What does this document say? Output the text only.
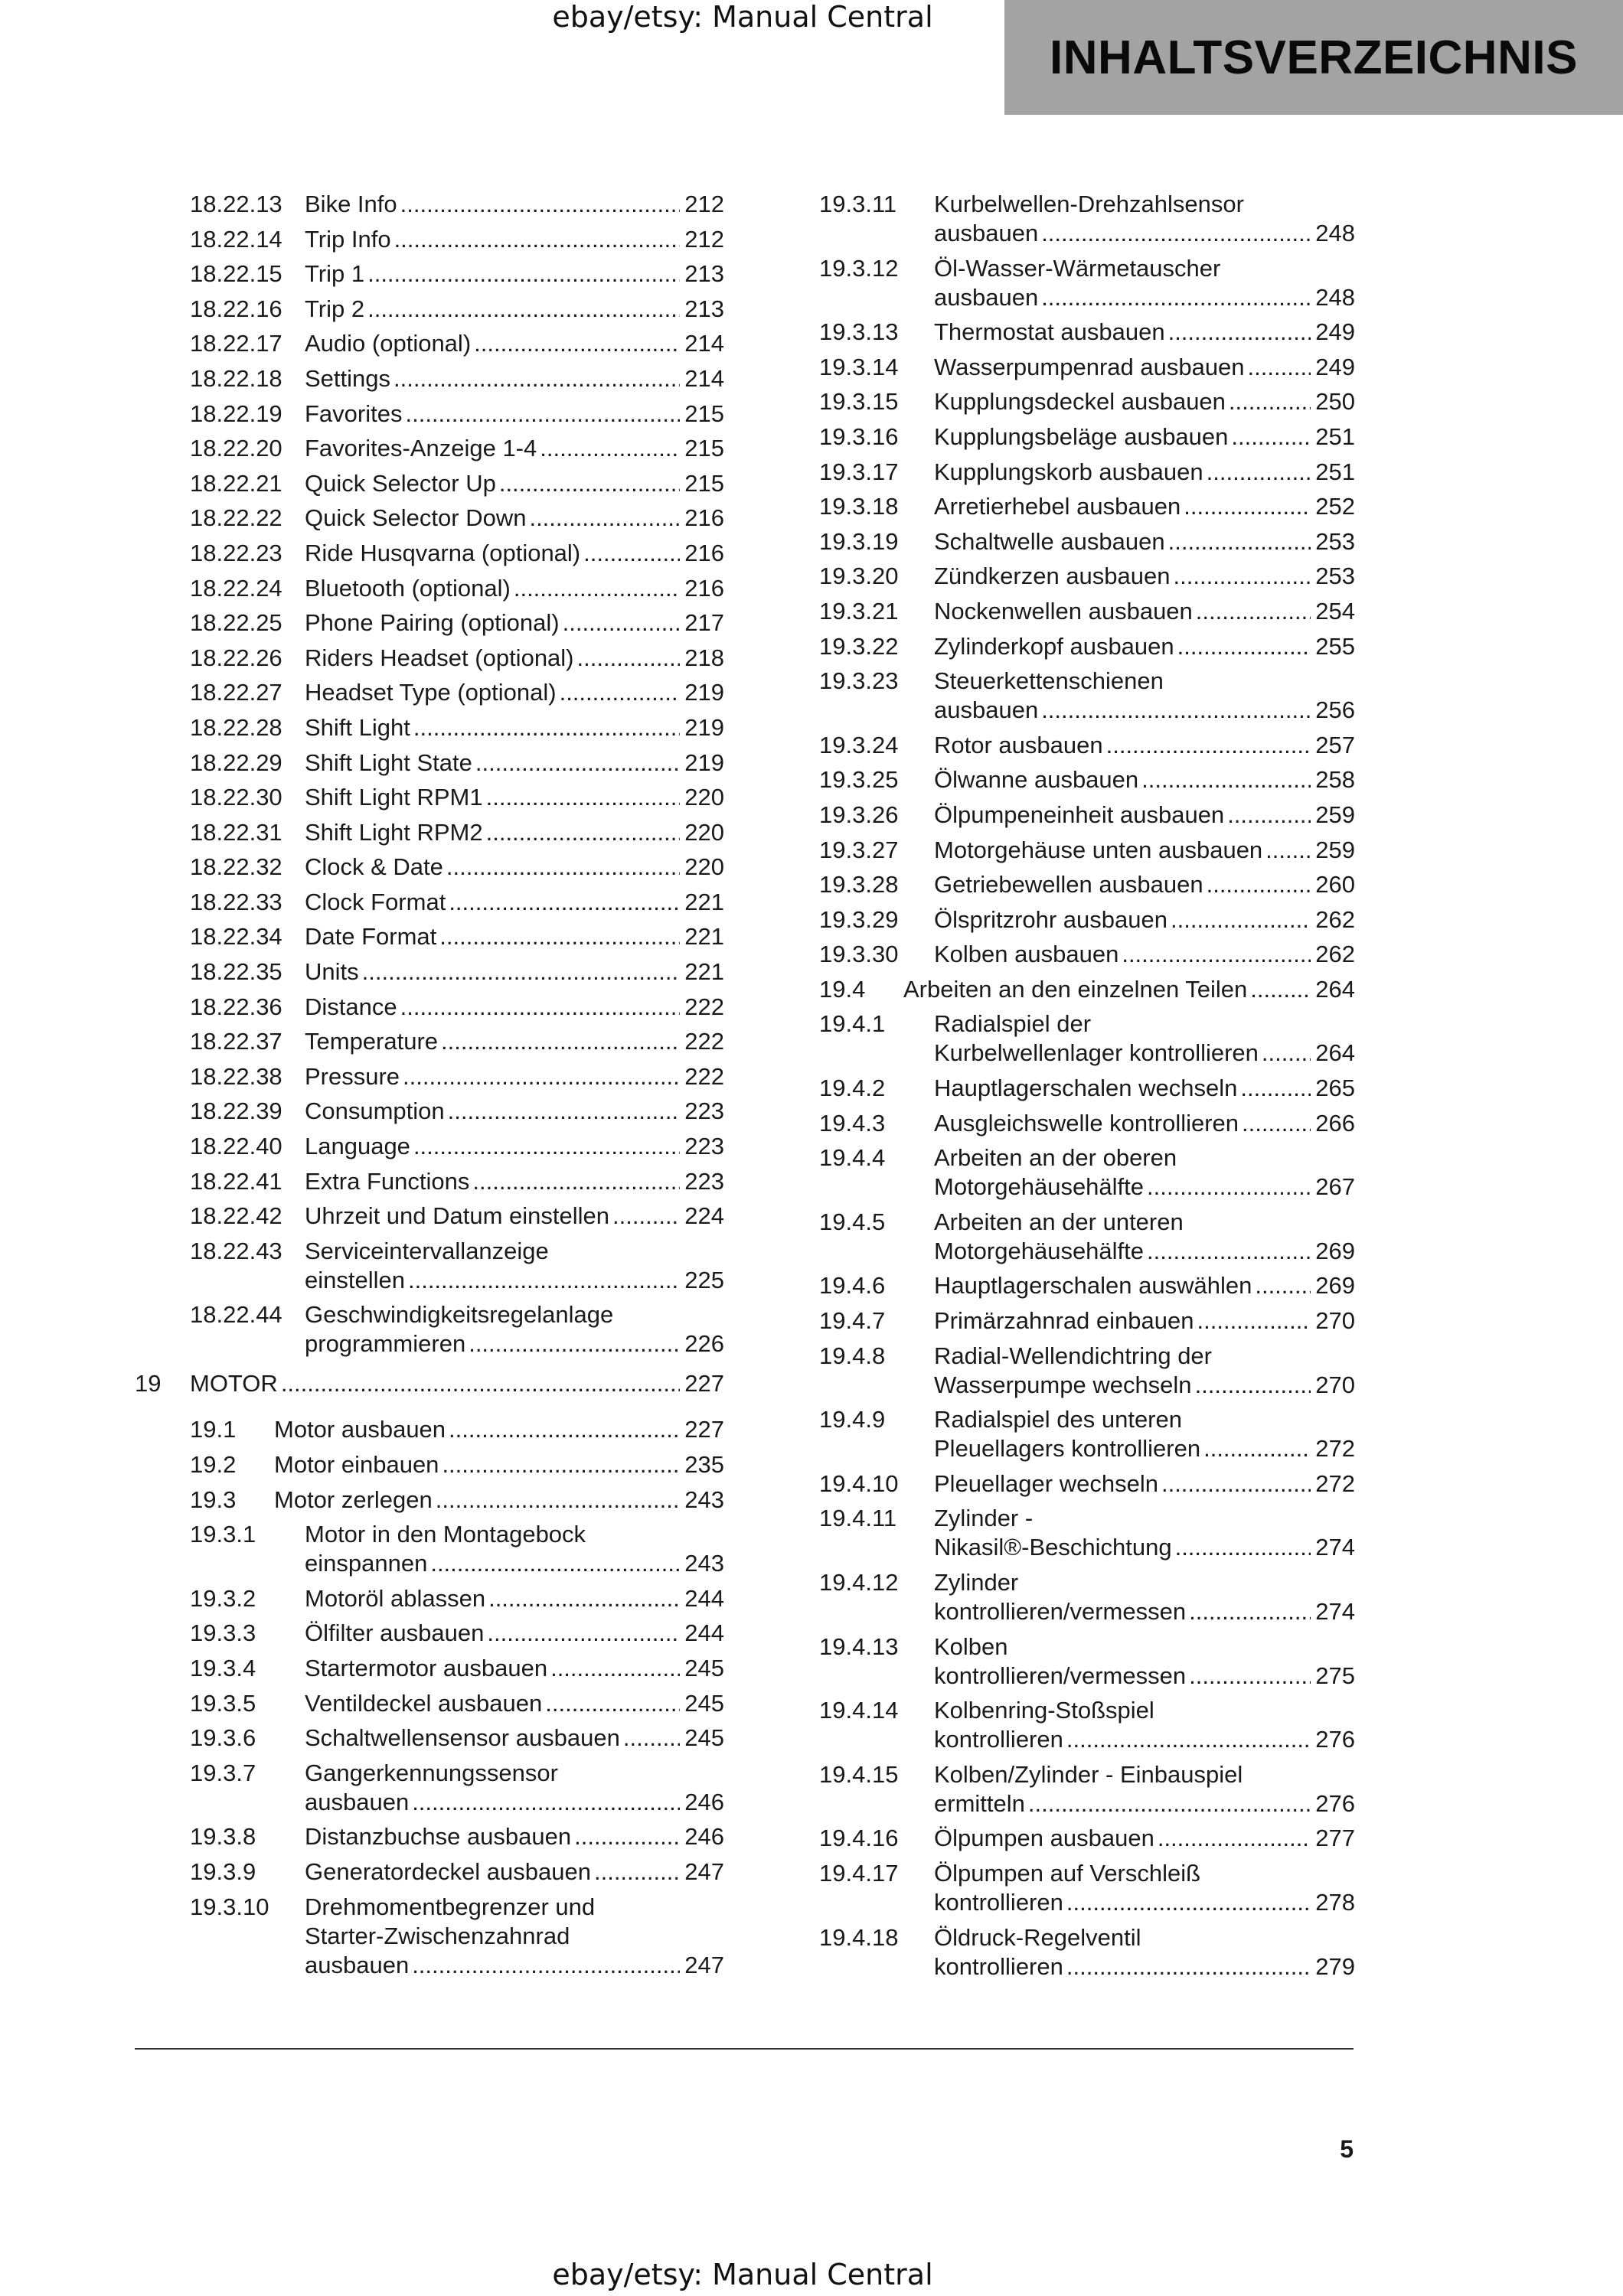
ebay/etsy: Manual Central
INHALTSVERZEICHNIS
18.22.13 Bike Info .....	212
18.22.14 Trip Info .....	212
18.22.15 Trip 1 .....	213
18.22.16 Trip 2 .....	213
18.22.17 Audio (optional) .....	214
18.22.18 Settings .....	214
18.22.19 Favorites .....	215
18.22.20 Favorites-Anzeige 1-4 .....	215
18.22.21 Quick Selector Up .....	215
18.22.22 Quick Selector Down .....	216
18.22.23 Ride Husqvarna (optional) .....	216
18.22.24 Bluetooth (optional) .....	216
18.22.25 Phone Pairing (optional) .....	217
18.22.26 Riders Headset (optional) .....	218
18.22.27 Headset Type (optional) .....	219
18.22.28 Shift Light .....	219
18.22.29 Shift Light State .....	219
18.22.30 Shift Light RPM1 .....	220
18.22.31 Shift Light RPM2 .....	220
18.22.32 Clock & Date .....	220
18.22.33 Clock Format .....	221
18.22.34 Date Format .....	221
18.22.35 Units .....	221
18.22.36 Distance .....	222
18.22.37 Temperature .....	222
18.22.38 Pressure .....	222
18.22.39 Consumption .....	223
18.22.40 Language .....	223
18.22.41 Extra Functions .....	223
18.22.42 Uhrzeit und Datum einstellen .....	224
18.22.43 Serviceintervallanzeige
einstellen .....	225
18.22.44 Geschwindigkeitsregelanlage
programmieren .....	226
19	MOTOR .....	227
19.1	Motor ausbauen .....	227
19.2	Motor einbauen .....	235
19.3	Motor zerlegen .....	243
19.3.1	Motor in den Montagebock
einspannen .....	243
19.3.2	Motoröl ablassen .....	244
19.3.3	Ölfilter ausbauen .....	244
19.3.4	Startermotor ausbauen .....	245
19.3.5	Ventildeckel ausbauen .....	245
19.3.6	Schaltwellensensor ausbauen .....	245
19.3.7	Gangerkennungssensor
ausbauen .....	246
19.3.8	Distanzbuchse ausbauen .....	246
19.3.9	Generatordeckel ausbauen .....	247
19.3.10	Drehmomentbegrenzer und
Starter-Zwischenzahnrad
ausbauen .....	247
19.3.11	Kurbelwellen-Drehzahlsensor
ausbauen .....	248
19.3.12	Öl-Wasser-Wärmetauscher
ausbauen .....	248
19.3.13	Thermostat ausbauen .....	249
19.3.14	Wasserpumpenrad ausbauen .....	249
19.3.15	Kupplungsdeckel ausbauen .....	250
19.3.16	Kupplungsbeläge ausbauen .....	251
19.3.17	Kupplungskorb ausbauen .....	251
19.3.18	Arretierhebel ausbauen .....	252
19.3.19	Schaltwelle ausbauen .....	253
19.3.20	Zündkerzen ausbauen .....	253
19.3.21	Nockenwellen ausbauen .....	254
19.3.22	Zylinderkopf ausbauen .....	255
19.3.23	Steuerkettenschienen
ausbauen .....	256
19.3.24	Rotor ausbauen .....	257
19.3.25	Ölwanne ausbauen .....	258
19.3.26	Ölpumpeneinheit ausbauen .....	259
19.3.27	Motorgehäuse unten ausbauen ..... 259
19.3.28	Getriebewellen ausbauen .....	260
19.3.29	Ölspritzrohr ausbauen .....	262
19.3.30	Kolben ausbauen .....	262
19.4	Arbeiten an den einzelnen Teilen .....	264
19.4.1	Radialspiel der
Kurbelwellenlager kontrollieren ..... 264
19.4.2	Hauptlagerschalen wechseln .....	265
19.4.3	Ausgleichswelle kontrollieren .....	266
19.4.4	Arbeiten an der oberen
Motorgehäusehälfte .....	267
19.4.5	Arbeiten an der unteren
Motorgehäusehälfte .....	269
19.4.6	Hauptlagerschalen auswählen .....	269
19.4.7	Primärzahnrad einbauen .....	270
19.4.8	Radial-Wellendichtring der
Wasserpumpe wechseln .....	270
19.4.9	Radialspiel des unteren
Pleuellagers kontrollieren .....	272
19.4.10	Pleuellager wechseln .....	272
19.4.11	Zylinder -
Nikasil®-Beschichtung .....	274
19.4.12	Zylinder
kontrollieren/vermessen .....	274
19.4.13	Kolben
kontrollieren/vermessen .....	275
19.4.14	Kolbenring-Stoßspiel
kontrollieren .....	276
19.4.15	Kolben/Zylinder - Einbauspiel
ermitteln .....	276
19.4.16	Ölpumpen ausbauen .....	277
19.4.17	Ölpumpen auf Verschleiß
kontrollieren .....	278
19.4.18	Öldruck-Regelventil
kontrollieren .....	279
5
ebay/etsy: Manual Central
